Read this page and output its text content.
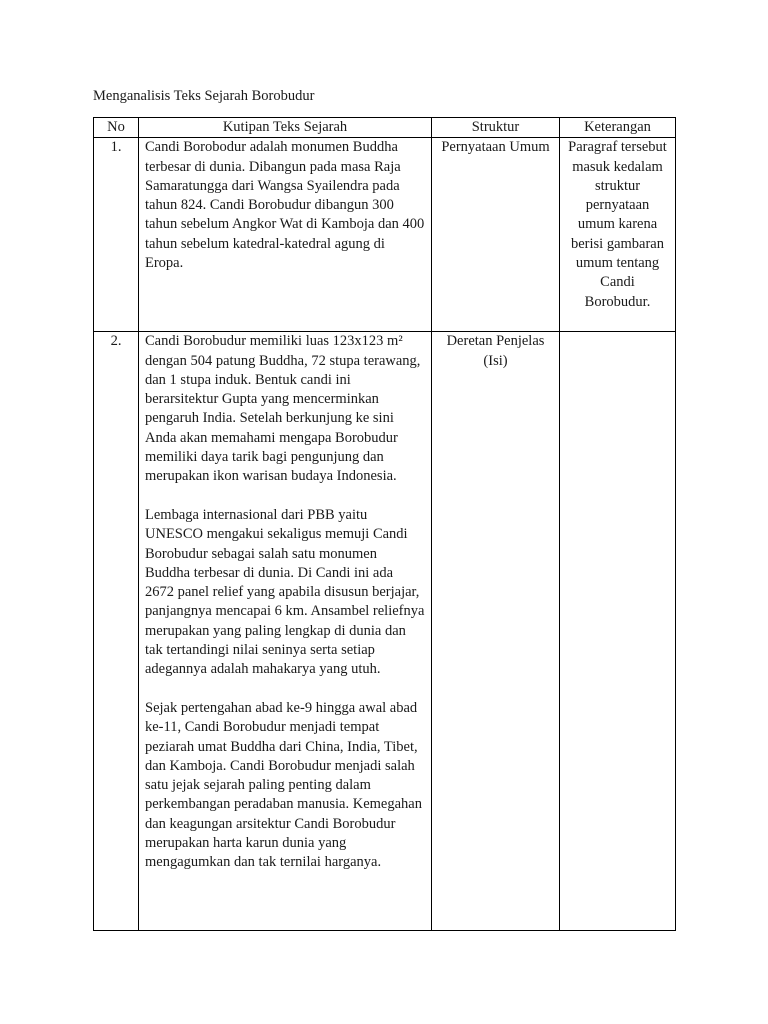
Menganalisis Teks Sejarah Borobudur
No	Kutipan Teks Sejarah	Struktur	Keterangan
1.	Candi Borobodur adalah monumen Buddha terbesar di dunia. Dibangun pada masa Raja Samaratungga dari Wangsa Syailendra pada tahun 824. Candi Borobudur dibangun 300 tahun sebelum Angkor Wat di Kamboja dan 400 tahun sebelum katedral-katedral agung di Eropa.	Pernyataan Umum	Paragraf tersebut masuk kedalam struktur pernyataan umum karena berisi gambaran umum tentang Candi Borobudur.
2.	Candi Borobudur memiliki luas 123x123 m² dengan 504 patung Buddha, 72 stupa terawang, dan 1 stupa induk. Bentuk candi ini berarsitektur Gupta yang mencerminkan pengaruh India. Setelah berkunjung ke sini Anda akan memahami mengapa Borobudur memiliki daya tarik bagi pengunjung dan merupakan ikon warisan budaya Indonesia.
Lembaga internasional dari PBB yaitu UNESCO mengakui sekaligus memuji Candi Borobudur sebagai salah satu monumen Buddha terbesar di dunia. Di Candi ini ada 2672 panel relief yang apabila disusun berjajar, panjangnya mencapai 6 km. Ansambel reliefnya merupakan yang paling lengkap di dunia dan tak tertandingi nilai seninya serta setiap adegannya adalah mahakarya yang utuh.
Sejak pertengahan abad ke-9 hingga awal abad ke-11, Candi Borobudur menjadi tempat peziarah umat Buddha dari China, India, Tibet, dan Kamboja. Candi Borobudur menjadi salah satu jejak sejarah paling penting dalam perkembangan peradaban manusia. Kemegahan dan keagungan arsitektur Candi Borobudur merupakan harta karun dunia yang mengagumkan dan tak ternilai harganya.	Deretan Penjelas (Isi)	
